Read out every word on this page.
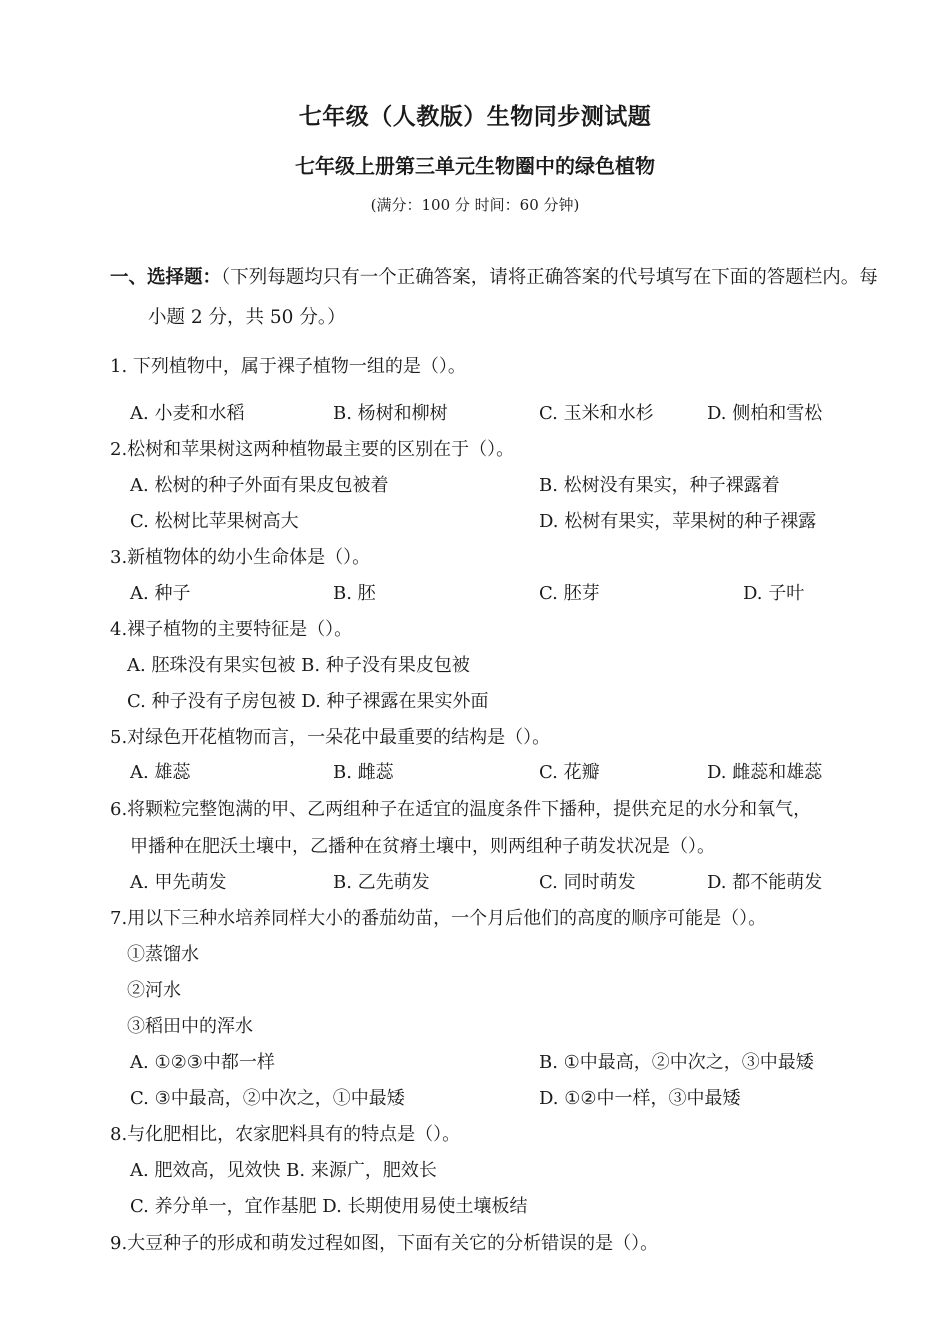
七年级（人教版）生物同步测试题
七年级上册第三单元生物圈中的绿色植物
(满分：100 分 时间：60 分钟)
一、选择题：（下列每题均只有一个正确答案，请将正确答案的代号填写在下面的答题栏内。每小题 2 分，共 50 分。）
1. 下列植物中，属于裸子植物一组的是（）。
A. 小麦和水稻	B. 杨树和柳树	C. 玉米和水杉	D. 侧柏和雪松
2.松树和苹果树这两种植物最主要的区别在于（）。
A. 松树的种子外面有果皮包被着	B. 松树没有果实，种子裸露着
C. 松树比苹果树高大	D. 松树有果实，苹果树的种子裸露
3.新植物体的幼小生命体是（）。
A. 种子	B. 胚	C. 胚芽	D. 子叶
4.裸子植物的主要特征是（）。
A. 胚珠没有果实包被 B. 种子没有果皮包被
C. 种子没有子房包被 D. 种子裸露在果实外面
5.对绿色开花植物而言，一朵花中最重要的结构是（）。
A. 雄蕊	B. 雌蕊	C. 花瓣	D. 雌蕊和雄蕊
6.将颗粒完整饱满的甲、乙两组种子在适宜的温度条件下播种，提供充足的水分和氧气，
甲播种在肥沃土壤中，乙播种在贫瘠土壤中，则两组种子萌发状况是（）。
A. 甲先萌发	B. 乙先萌发	C. 同时萌发	D. 都不能萌发
7.用以下三种水培养同样大小的番茄幼苗，一个月后他们的高度的顺序可能是（）。
①蒸馏水
②河水
③稻田中的浑水
A. ①②③中都一样	B. ①中最高，②中次之，③中最矮
C. ③中最高，②中次之，①中最矮	D. ①②中一样，③中最矮
8.与化肥相比，农家肥料具有的特点是（）。
A. 肥效高，见效快 B. 来源广，肥效长
C. 养分单一，宜作基肥 D. 长期使用易使土壤板结
9.大豆种子的形成和萌发过程如图，下面有关它的分析错误的是（）。
